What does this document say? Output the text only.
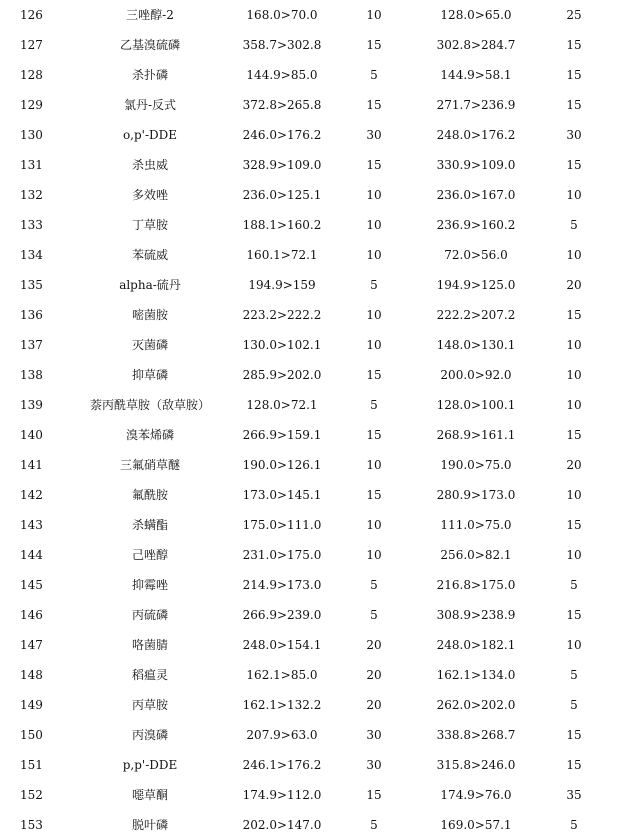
126	三唑醇-2	168.0>70.0	10	128.0>65.0	25
127	乙基溴硫磷	358.7>302.8	15	302.8>284.7	15
128	杀扑磷	144.9>85.0	5	144.9>58.1	15
129	氯丹-反式	372.8>265.8	15	271.7>236.9	15
130	o,p'-DDE	246.0>176.2	30	248.0>176.2	30
131	杀虫威	328.9>109.0	15	330.9>109.0	15
132	多效唑	236.0>125.1	10	236.0>167.0	10
133	丁草胺	188.1>160.2	10	236.9>160.2	5
134	苯硫威	160.1>72.1	10	72.0>56.0	10
135	alpha-硫丹	194.9>159	5	194.9>125.0	20
136	嘧菌胺	223.2>222.2	10	222.2>207.2	15
137	灭菌磷	130.0>102.1	10	148.0>130.1	10
138	抑草磷	285.9>202.0	15	200.0>92.0	10
139	萘丙酰草胺（敌草胺）	128.0>72.1	5	128.0>100.1	10
140	溴苯烯磷	266.9>159.1	15	268.9>161.1	15
141	三氟硝草醚	190.0>126.1	10	190.0>75.0	20
142	氟酰胺	173.0>145.1	15	280.9>173.0	10
143	杀螨酯	175.0>111.0	10	111.0>75.0	15
144	己唑醇	231.0>175.0	10	256.0>82.1	10
145	抑霉唑	214.9>173.0	5	216.8>175.0	5
146	丙硫磷	266.9>239.0	5	308.9>238.9	15
147	咯菌腈	248.0>154.1	20	248.0>182.1	10
148	稻瘟灵	162.1>85.0	20	162.1>134.0	5
149	丙草胺	162.1>132.2	20	262.0>202.0	5
150	丙溴磷	207.9>63.0	30	338.8>268.7	15
151	p,p'-DDE	246.1>176.2	30	315.8>246.0	15
152	噁草酮	174.9>112.0	15	174.9>76.0	35
153	脱叶磷	202.0>147.0	5	169.0>57.1	5
